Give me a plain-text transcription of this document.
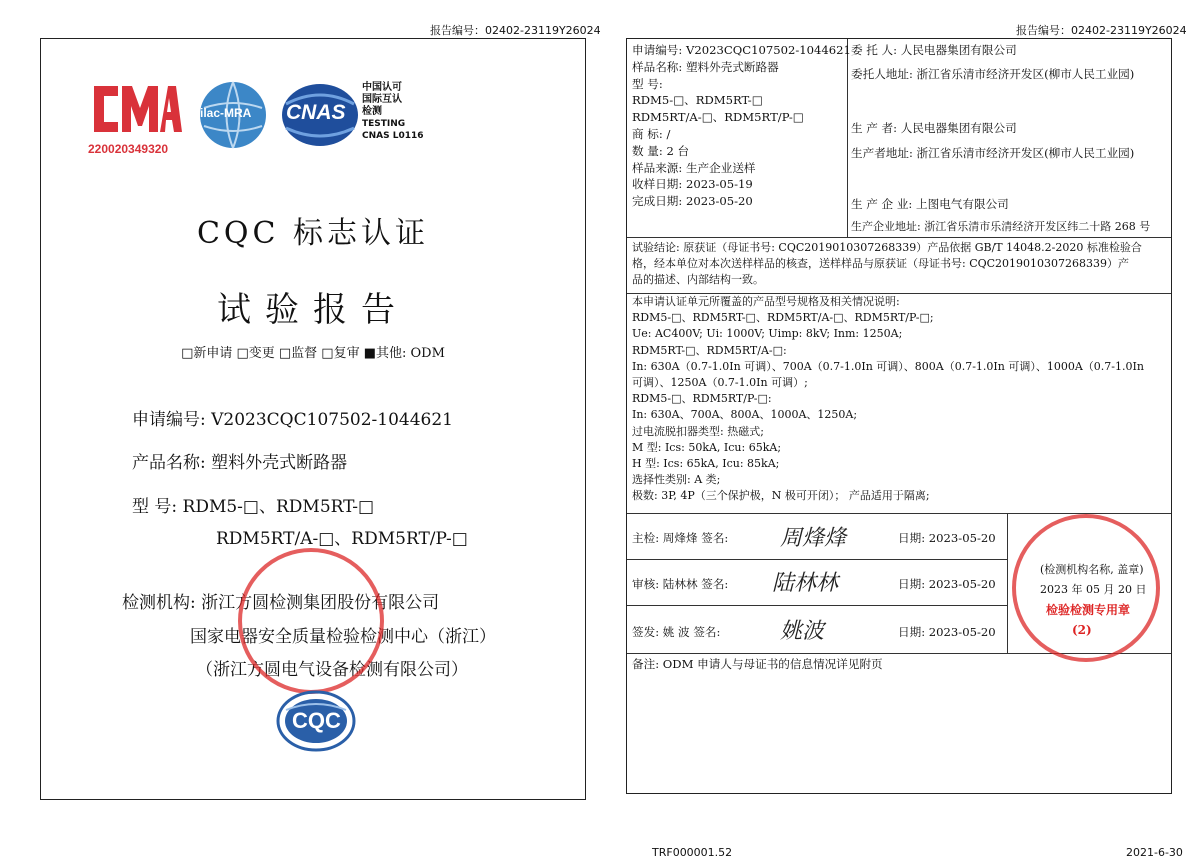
报告编号：02402-23119Y26024
220020349320
ilac-MRA CNAS
中国认可
国际互认
检测
TESTING
CNAS L0116
CQC 标志认证
试验报告
□新申请 □变更 □监督 □复审 ■其他: ODM
申请编号: V2023CQC107502-1044621
产品名称: 塑料外壳式断路器
型 号: RDM5-□、RDM5RT-□
RDM5RT/A-□、RDM5RT/P-□
检测机构: 浙江方圆检测集团股份有限公司
国家电器安全质量检验检测中心（浙江）
（浙江方圆电气设备检测有限公司）
CQC
TRF000001.52
报告编号：02402-23119Y26024
申请编号: V2023CQC107502-1044621
样品名称: 塑料外壳式断路器
型 号:
RDM5-□、RDM5RT-□
RDM5RT/A-□、RDM5RT/P-□
商 标: /
数 量: 2 台
样品来源: 生产企业送样
收样日期: 2023-05-19
完成日期: 2023-05-20
委 托 人: 人民电器集团有限公司
委托人地址: 浙江省乐清市经济开发区(柳市人民工业园)
生 产 者: 人民电器集团有限公司
生产者地址: 浙江省乐清市经济开发区(柳市人民工业园)
生 产 企 业: 上图电气有限公司
生产企业地址: 浙江省乐清市乐清经济开发区纬二十路 268 号
试验结论: 原获证（母证书号: CQC2019010307268339）产品依据 GB/T 14048.2-2020 标准检验合
格，经本单位对本次送样样品的核查，送样样品与原获证（母证书号: CQC2019010307268339）产
品的描述、内部结构一致。
本申请认证单元所覆盖的产品型号规格及相关情况说明:
RDM5-□、RDM5RT-□、RDM5RT/A-□、RDM5RT/P-□;
Ue: AC400V; Ui: 1000V; Uimp: 8kV; Inm: 1250A;
RDM5RT-□、RDM5RT/A-□:
In: 630A（0.7-1.0In 可调）、700A（0.7-1.0In 可调）、800A（0.7-1.0In 可调）、1000A（0.7-1.0In
可调）、1250A（0.7-1.0In 可调）;
RDM5-□、RDM5RT/P-□:
In: 630A、700A、800A、1000A、1250A;
过电流脱扣器类型: 热磁式;
M 型: Ics: 50kA, Icu: 65kA;
H 型: Ics: 65kA, Icu: 85kA;
选择性类别: A 类;
极数: 3P, 4P（三个保护极，N 极可开闭）； 产品适用于隔离;
主检: 周烽烽 签名: 周烽烽	日期: 2023-05-20
审核: 陆林林 签名: 陆林林	日期: 2023-05-20
签发: 姚 波 签名:	姚波	日期: 2023-05-20
(检测机构名称, 盖章)
2023 年 05 月 20 日
检验检测专用章
(2)
备注: ODM 申请人与母证书的信息情况详见附页
2021-6-30
